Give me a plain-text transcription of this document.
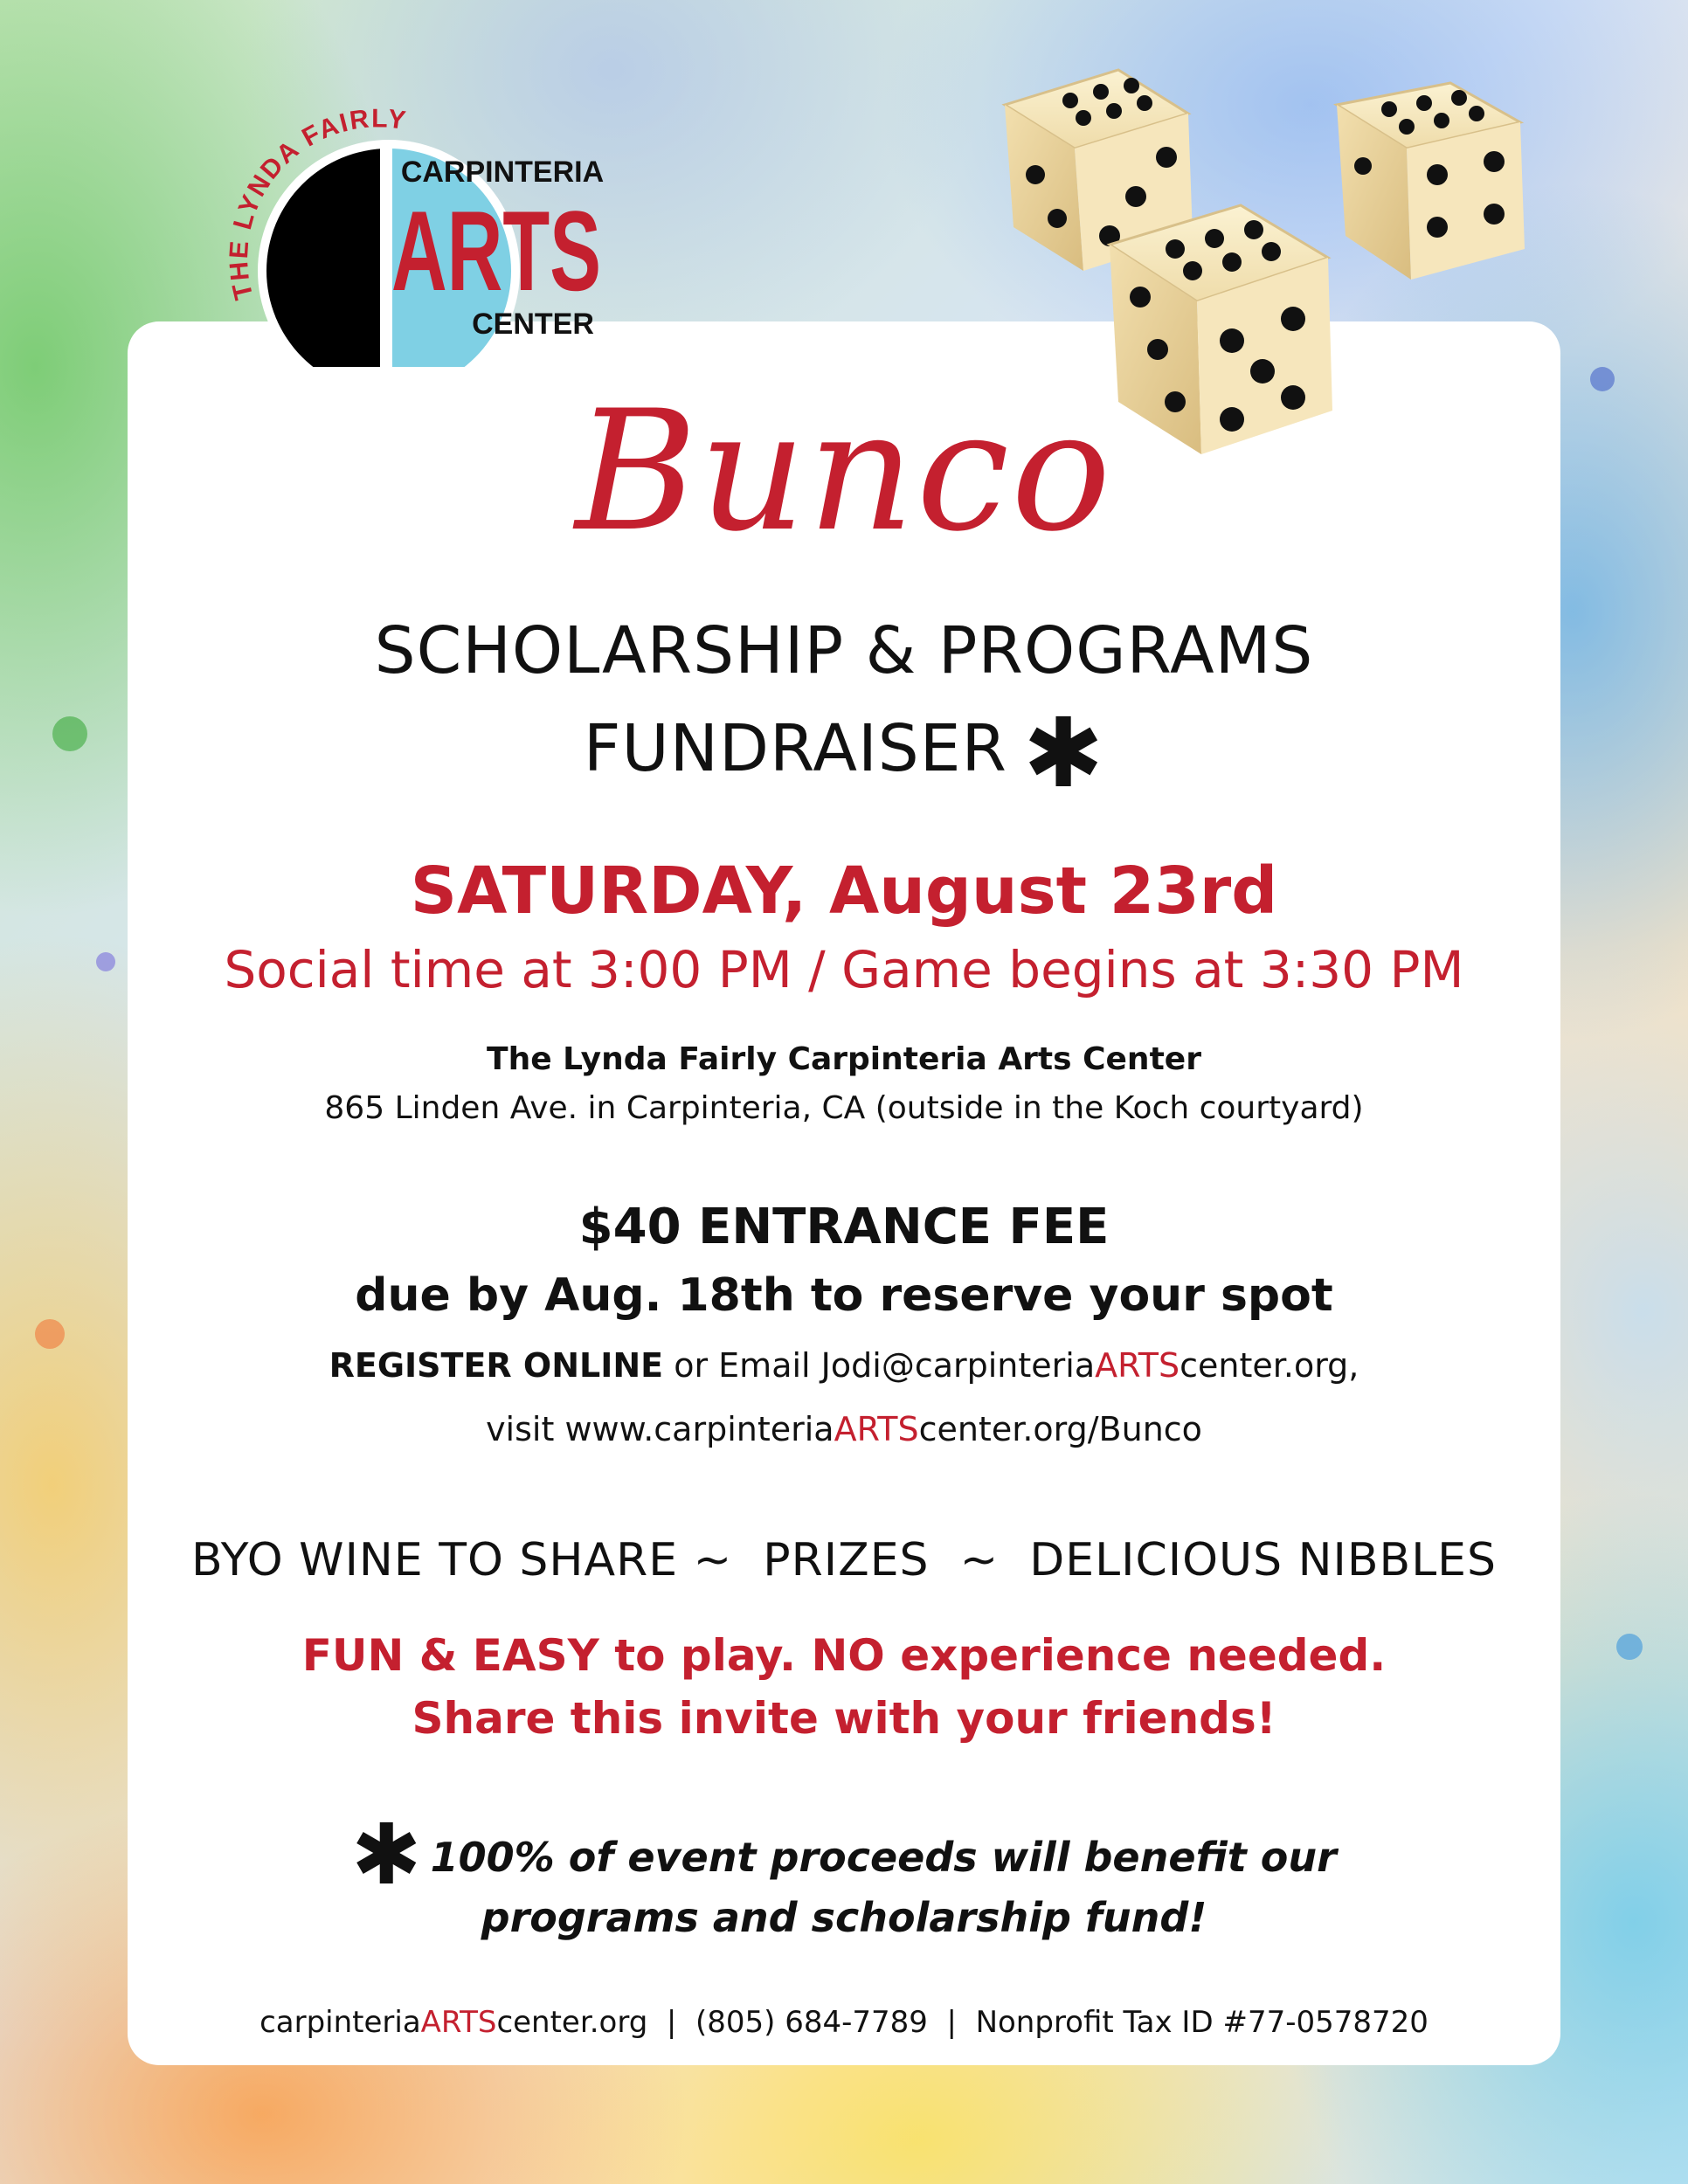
THE LYNDA FAIRLY
CARPINTERIA
ARTS
CENTER
Bunco
SCHOLARSHIP & PROGRAMS
FUNDRAISER ✱
SATURDAY, August 23rd
Social time at 3:00 PM / Game begins at 3:30 PM
The Lynda Fairly Carpinteria Arts Center
865 Linden Ave. in Carpinteria, CA (outside in the Koch courtyard)
$40 ENTRANCE FEE
due by Aug. 18th to reserve your spot
REGISTER ONLINE or Email Jodi@carpinteriaARTScenter.org,
visit www.carpinteriaARTScenter.org/Bunco
BYO WINE TO SHARE ~  PRIZES  ~  DELICIOUS NIBBLES
FUN & EASY to play. NO experience needed.
Share this invite with your friends!
✱ 100% of event proceeds will benefit our
programs and scholarship fund!
carpinteriaARTScenter.org  |  (805) 684-7789  |  Nonprofit Tax ID #77-0578720
